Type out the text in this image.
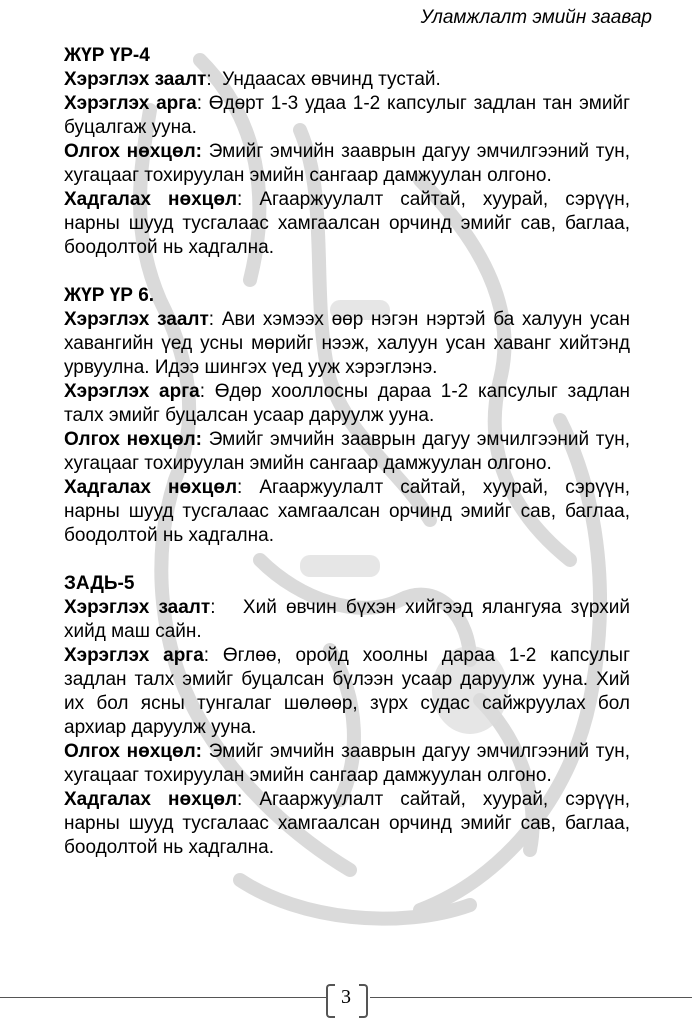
Уламжлалт эмийн заавар

ЖҮР ҮР-4

Хэрэглэх заалт:  Ундаасах өвчинд тустай.

Хэрэглэх арга: Өдөрт 1-3 удаа 1-2 капсулыг задлан тан эмийг буцалгаж ууна.

Олгох нөхцөл: Эмийг эмчийн зааврын дагуу эмчилгээний тун, хугацааг тохируулан эмийн сангаар дамжуулан олгоно.

Хадгалах нөхцөл: Агааржуулалт сайтай, хуурай, сэрүүн, нарны шууд тусгалаас хамгаалсан орчинд эмийг сав, баглаа, боодолтой нь хадгална.

ЖҮР ҮР 6.

Хэрэглэх заалт: Ави хэмээх өөр нэгэн нэртэй ба халуун усан хавангийн үед усны мөрийг нээж, халуун усан хаванг хийтэнд урвуулна. Идээ шингэх үед ууж хэрэглэнэ.

Хэрэглэх арга: Өдөр хооллосны дараа 1-2 капсулыг задлан талх эмийг буцалсан усаар даруулж ууна.

Олгох нөхцөл: Эмийг эмчийн зааврын дагуу эмчилгээний тун, хугацааг тохируулан эмийн сангаар дамжуулан олгоно.

Хадгалах нөхцөл: Агааржуулалт сайтай, хуурай, сэрүүн, нарны шууд тусгалаас хамгаалсан орчинд эмийг сав, баглаа, боодолтой нь хадгална.

ЗАДЬ-5

Хэрэглэх заалт:   Хий өвчин бүхэн хийгээд ялангуяа зүрхий хийд маш сайн.

Хэрэглэх арга: Өглөө, оройд хоолны дараа 1-2 капсулыг задлан талх эмийг буцалсан бүлээн усаар даруулж ууна. Хий их бол ясны тунгалаг шөлөөр, зүрх судас сайжруулах бол архиар даруулж ууна.

Олгох нөхцөл: Эмийг эмчийн зааврын дагуу эмчилгээний тун, хугацааг тохируулан эмийн сангаар дамжуулан олгоно.

Хадгалах нөхцөл: Агааржуулалт сайтай, хуурай, сэрүүн, нарны шууд тусгалаас хамгаалсан орчинд эмийг сав, баглаа, боодолтой нь хадгална.

3
